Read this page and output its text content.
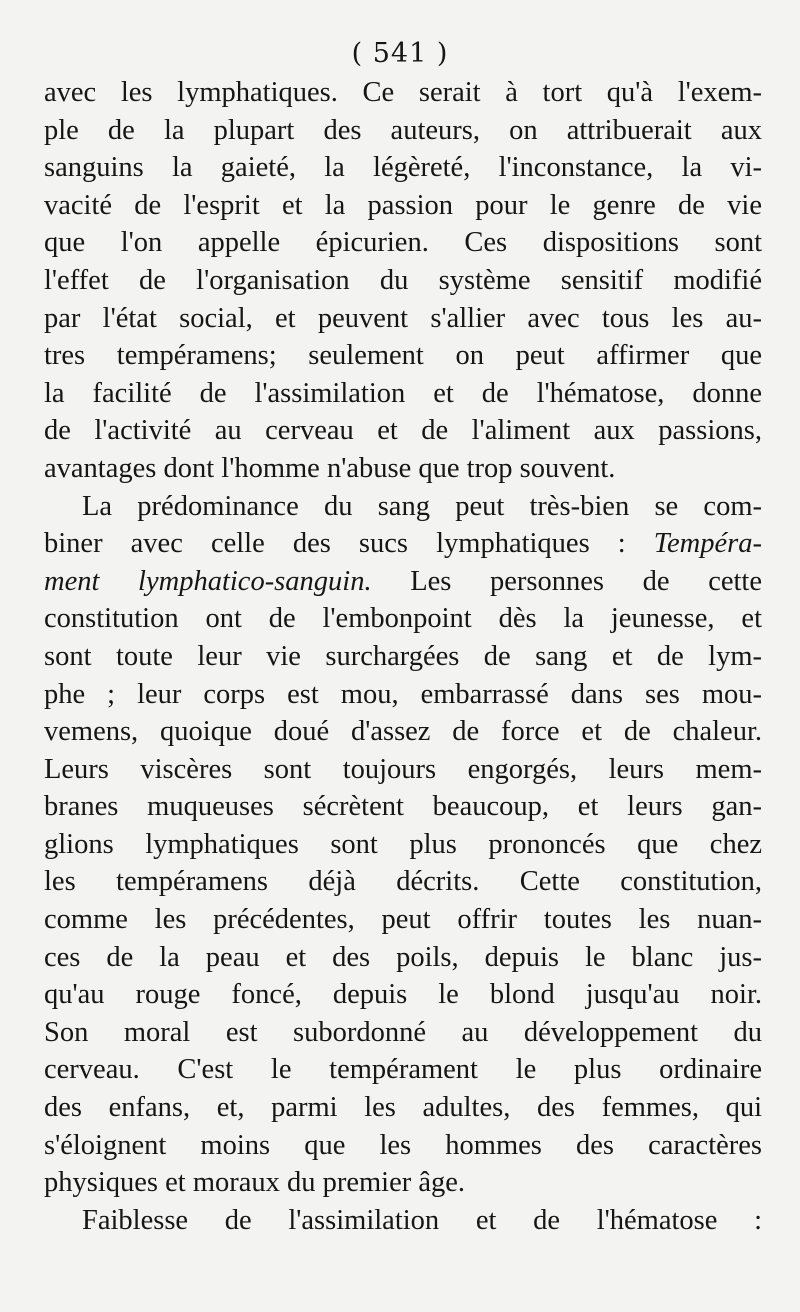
( 541 )
avec les lymphatiques. Ce serait à tort qu'à l'exem-
ple de la plupart des auteurs, on attribuerait aux
sanguins la gaieté, la légèreté, l'inconstance, la vi-
vacité de l'esprit et la passion pour le genre de vie
que l'on appelle épicurien. Ces dispositions sont
l'effet de l'organisation du système sensitif modifié
par l'état social, et peuvent s'allier avec tous les au-
tres tempéramens; seulement on peut affirmer que
la facilité de l'assimilation et de l'hématose, donne
de l'activité au cerveau et de l'aliment aux passions,
avantages dont l'homme n'abuse que trop souvent.
La prédominance du sang peut très-bien se com-
biner avec celle des sucs lymphatiques : Tempéra-
ment lymphatico-sanguin. Les personnes de cette
constitution ont de l'embonpoint dès la jeunesse, et
sont toute leur vie surchargées de sang et de lym-
phe ; leur corps est mou, embarrassé dans ses mou-
vemens, quoique doué d'assez de force et de chaleur.
Leurs viscères sont toujours engorgés, leurs mem-
branes muqueuses sécrètent beaucoup, et leurs gan-
glions lymphatiques sont plus prononcés que chez
les tempéramens déjà décrits. Cette constitution,
comme les précédentes, peut offrir toutes les nuan-
ces de la peau et des poils, depuis le blanc jus-
qu'au rouge foncé, depuis le blond jusqu'au noir.
Son moral est subordonné au développement du
cerveau. C'est le tempérament le plus ordinaire
des enfans, et, parmi les adultes, des femmes, qui
s'éloignent moins que les hommes des caractères
physiques et moraux du premier âge.
Faiblesse de l'assimilation et de l'hématose :
